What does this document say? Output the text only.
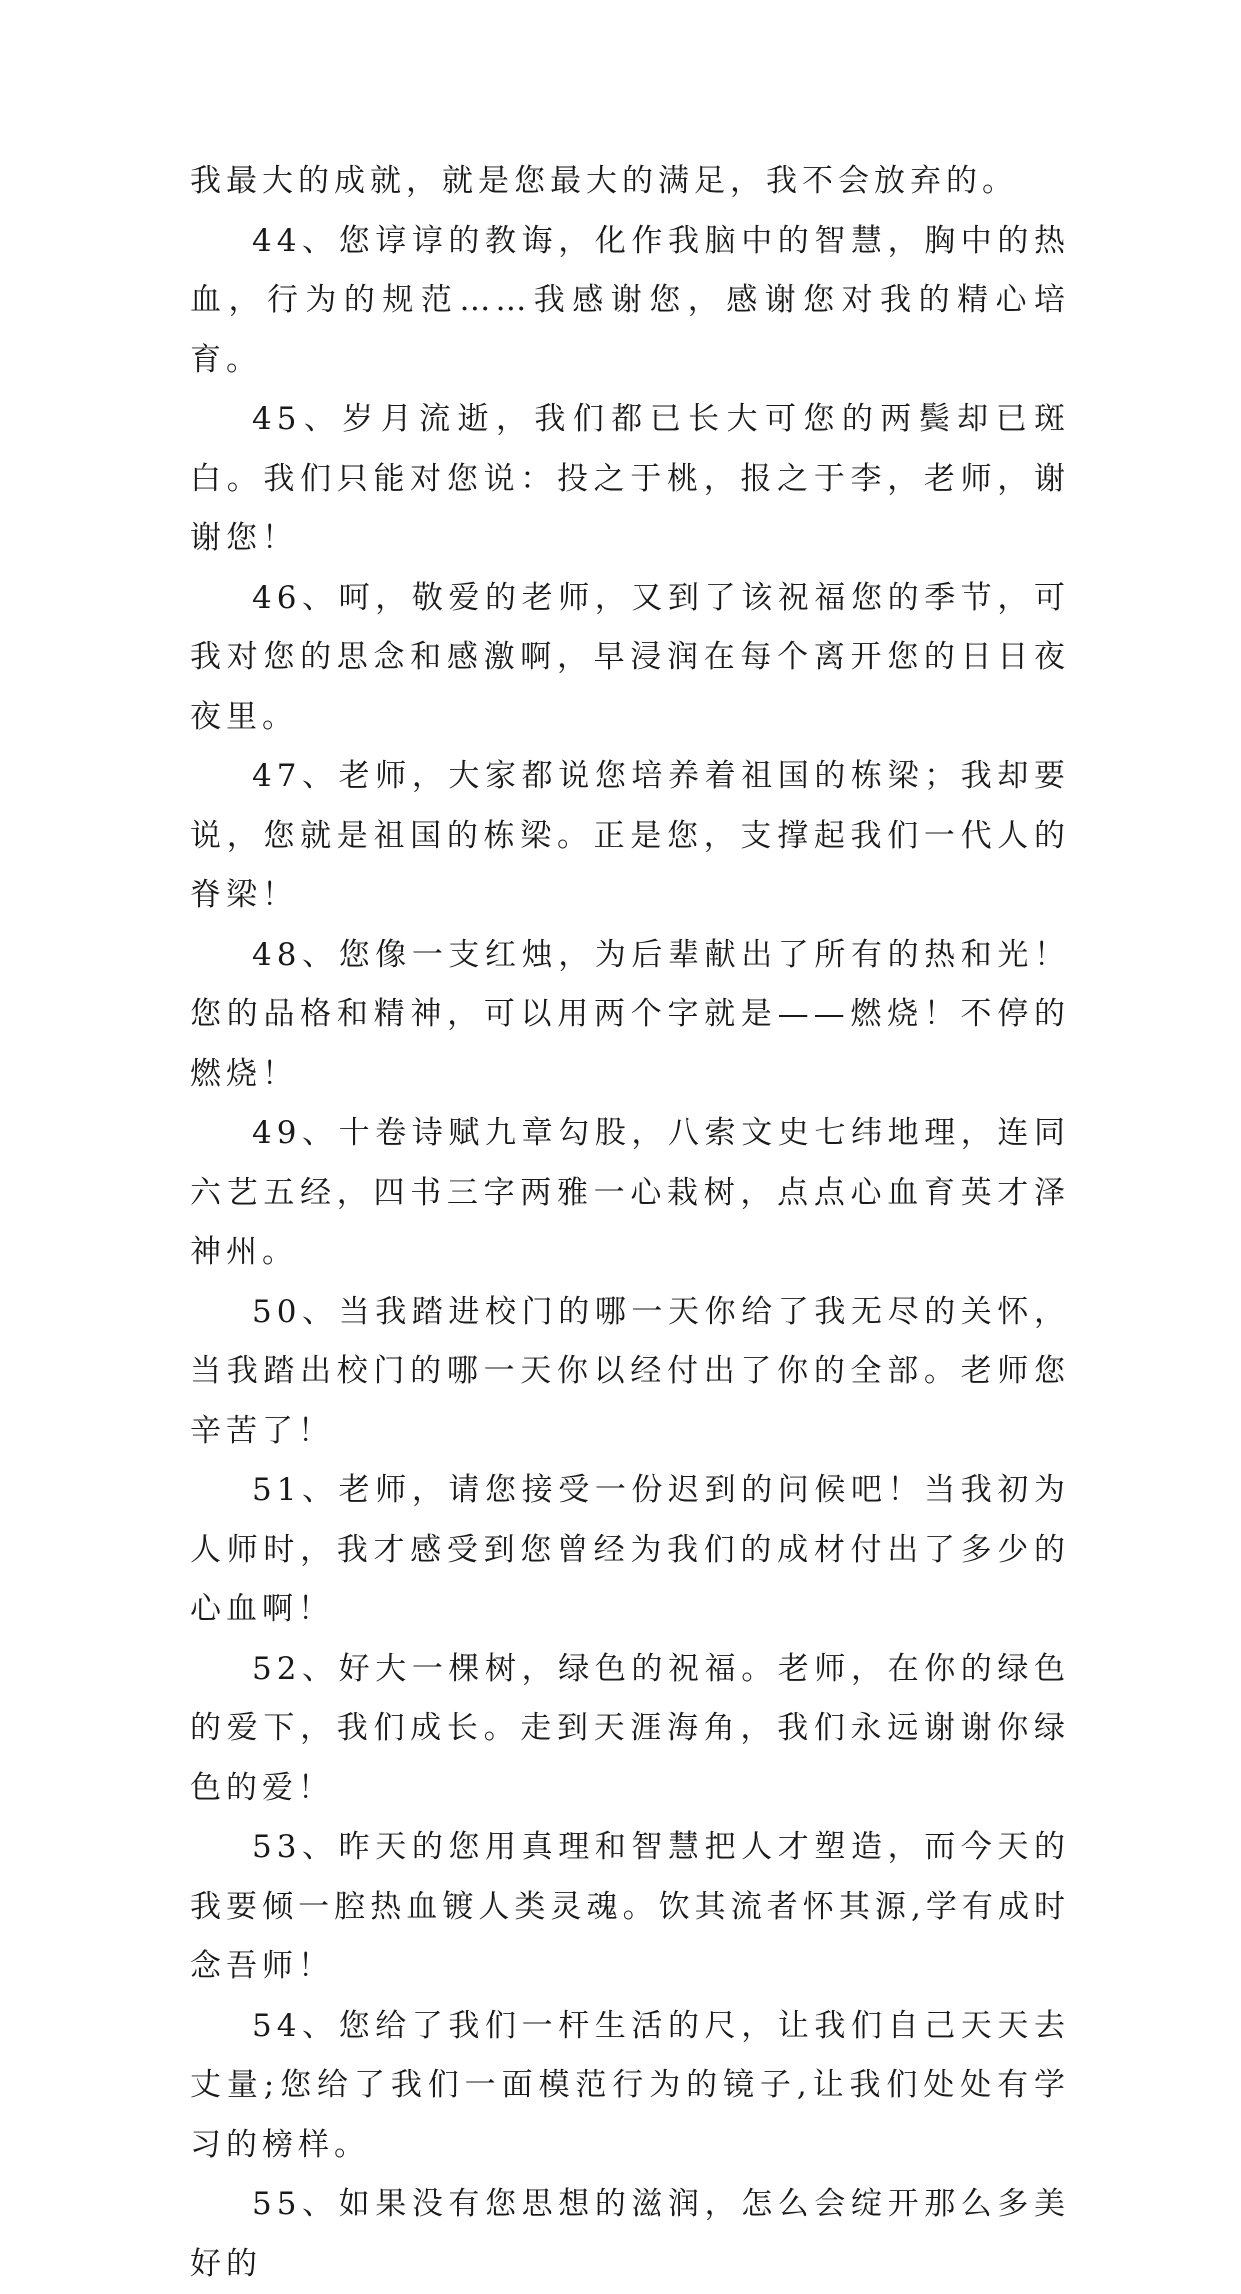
我最大的成就，就是您最大的满足，我不会放弃的。

44、您谆谆的教诲，化作我脑中的智慧，胸中的热血，行为的规范……我感谢您，感谢您对我的精心培育。

45、岁月流逝，我们都已长大可您的两鬓却已斑白。我们只能对您说：投之于桃，报之于李，老师，谢谢您！

46、呵，敬爱的老师，又到了该祝福您的季节，可我对您的思念和感激啊，早浸润在每个离开您的日日夜夜里。

47、老师，大家都说您培养着祖国的栋梁；我却要说，您就是祖国的栋梁。正是您，支撑起我们一代人的脊梁！

48、您像一支红烛，为后辈献出了所有的热和光！您的品格和精神，可以用两个字就是——燃烧！不停的燃烧！

49、十卷诗赋九章勾股，八索文史七纬地理，连同六艺五经，四书三字两雅一心栽树，点点心血育英才泽神州。

50、当我踏进校门的哪一天你给了我无尽的关怀，当我踏出校门的哪一天你以经付出了你的全部。老师您辛苦了！

51、老师，请您接受一份迟到的问候吧！当我初为人师时，我才感受到您曾经为我们的成材付出了多少的心血啊！

52、好大一棵树，绿色的祝福。老师，在你的绿色的爱下，我们成长。走到天涯海角，我们永远谢谢你绿色的爱！

53、昨天的您用真理和智慧把人才塑造，而今天的我要倾一腔热血镀人类灵魂。饮其流者怀其源,学有成时念吾师！

54、您给了我们一杆生活的尺，让我们自己天天去丈量;您给了我们一面模范行为的镜子,让我们处处有学习的榜样。

55、如果没有您思想的滋润，怎么会绽开那么多美好的
